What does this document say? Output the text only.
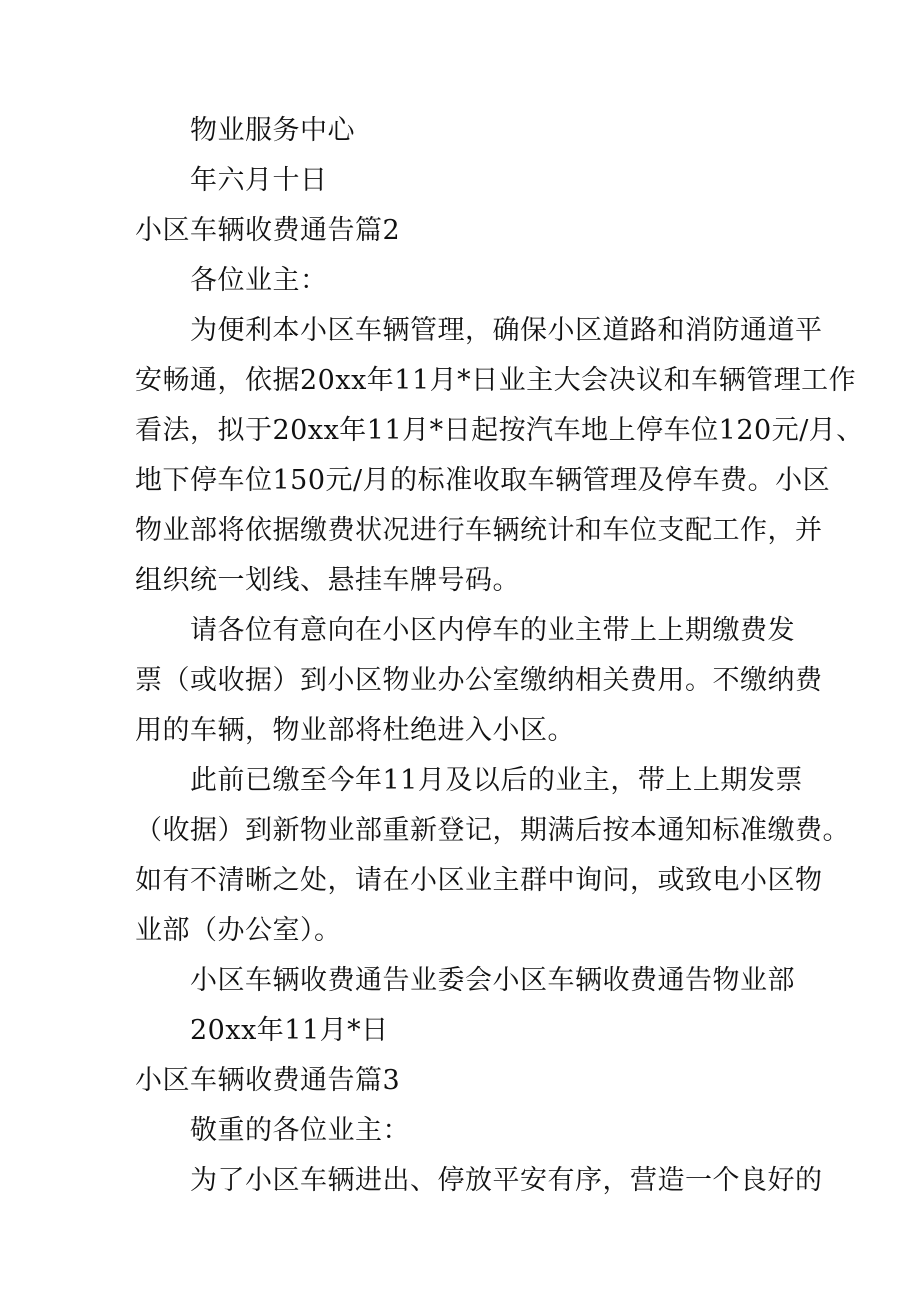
物业服务中心
年六月十日
小区车辆收费通告篇2
各位业主：
为便利本小区车辆管理，确保小区道路和消防通道平
安畅通，依据20xx年11月*日业主大会决议和车辆管理工作
看法，拟于20xx年11月*日起按汽车地上停车位120元/月、
地下停车位150元/月的标准收取车辆管理及停车费。小区
物业部将依据缴费状况进行车辆统计和车位支配工作，并
组织统一划线、悬挂车牌号码。
请各位有意向在小区内停车的业主带上上期缴费发
票（或收据）到小区物业办公室缴纳相关费用。不缴纳费
用的车辆，物业部将杜绝进入小区。
此前已缴至今年11月及以后的业主，带上上期发票
（收据）到新物业部重新登记，期满后按本通知标准缴费。
如有不清晰之处，请在小区业主群中询问，或致电小区物
业部（办公室）。
小区车辆收费通告业委会小区车辆收费通告物业部
20xx年11月*日
小区车辆收费通告篇3
敬重的各位业主：
为了小区车辆进出、停放平安有序，营造一个良好的
